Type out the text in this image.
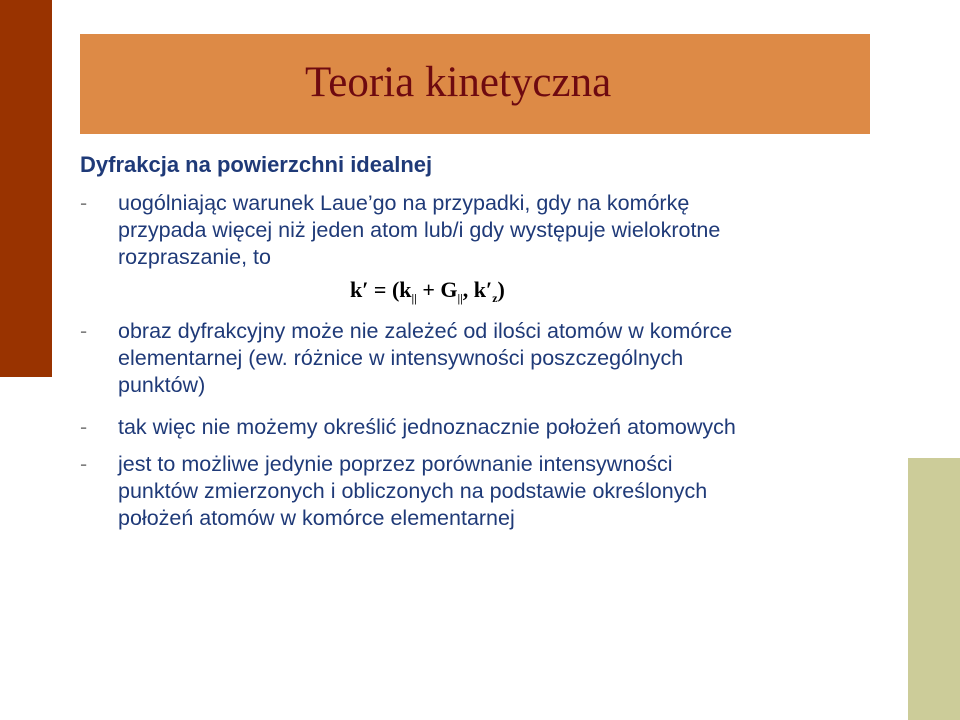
Teoria kinetyczna
Dyfrakcja na powierzchni idealnej
-	uogólniając warunek Laue’go na przypadki, gdy na komórkę
przypada więcej niż jeden atom lub/i gdy występuje wielokrotne
rozpraszanie, to
$k' = (k_{||} + G_{||}$, $k'_z$)
-	obraz dyfrakcyjny może nie zależeć od ilości atomów w komórce
elementarnej (ew. różnice w intensywności poszczególnych
punktów)
-	tak więc nie możemy określić jednoznacznie położeń atomowych
-	jest to możliwe jedynie poprzez porównanie intensywności
punktów zmierzonych i obliczonych na podstawie określonych
położeń atomów w komórce elementarnej
